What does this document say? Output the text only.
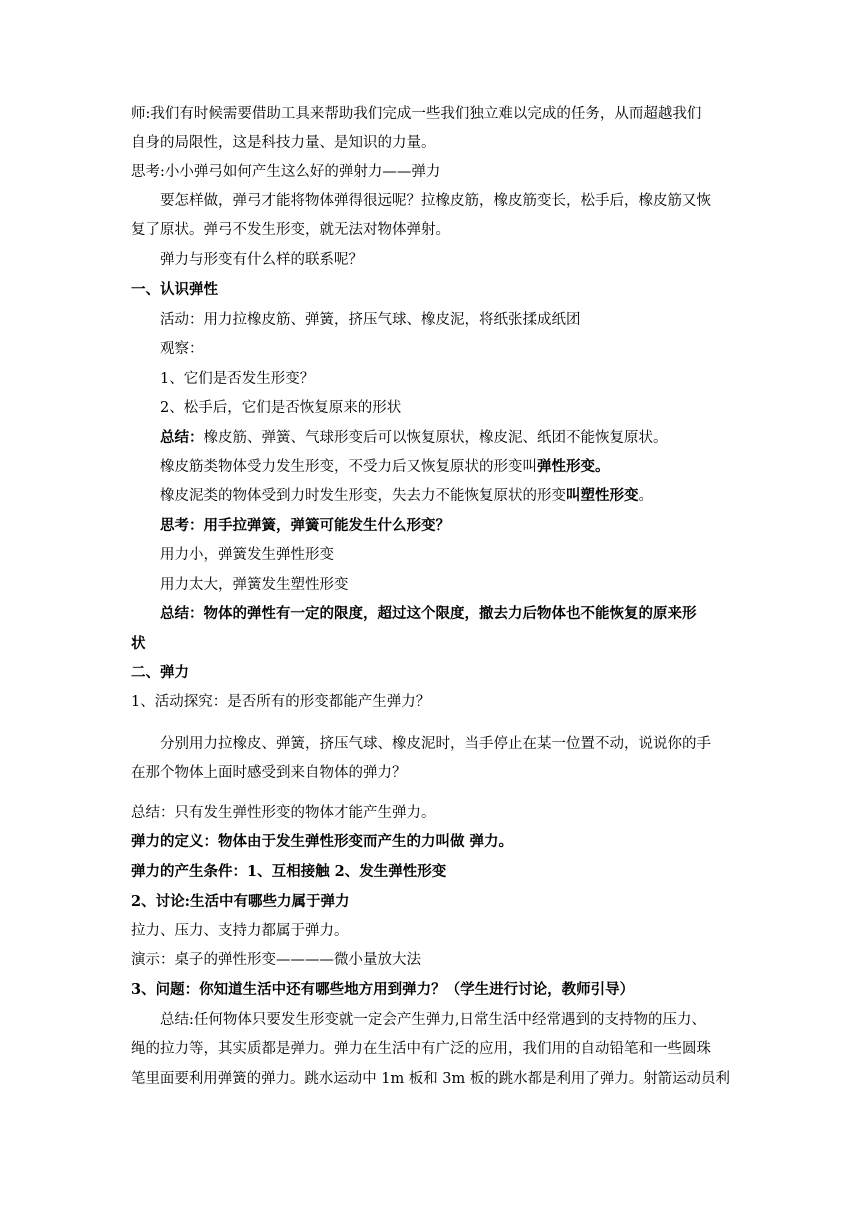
师:我们有时候需要借助工具来帮助我们完成一些我们独立难以完成的任务，从而超越我们
自身的局限性，这是科技力量、是知识的力量。
思考:小小弹弓如何产生这么好的弹射力——弹力
要怎样做，弹弓才能将物体弹得很远呢？拉橡皮筋，橡皮筋变长，松手后，橡皮筋又恢
复了原状。弹弓不发生形变，就无法对物体弹射。
弹力与形变有什么样的联系呢？
一、认识弹性
活动：用力拉橡皮筋、弹簧，挤压气球、橡皮泥，将纸张揉成纸团
观察：
1、它们是否发生形变？
2、松手后，它们是否恢复原来的形状
总结：橡皮筋、弹簧、气球形变后可以恢复原状，橡皮泥、纸团不能恢复原状。
橡皮筋类物体受力发生形变，不受力后又恢复原状的形变叫弹性形变。
橡皮泥类的物体受到力时发生形变，失去力不能恢复原状的形变叫塑性形变。
思考：用手拉弹簧，弹簧可能发生什么形变？
用力小，弹簧发生弹性形变
用力太大，弹簧发生塑性形变
总结：物体的弹性有一定的限度，超过这个限度，撤去力后物体也不能恢复的原来形
状
二、弹力
1、活动探究：是否所有的形变都能产生弹力？
分别用力拉橡皮、弹簧，挤压气球、橡皮泥时，当手停止在某一位置不动，说说你的手
在那个物体上面时感受到来自物体的弹力？
总结：只有发生弹性形变的物体才能产生弹力。
弹力的定义：物体由于发生弹性形变而产生的力叫做 弹力。
弹力的产生条件：1、互相接触 2、发生弹性形变
2、讨论:生活中有哪些力属于弹力
拉力、压力、支持力都属于弹力。
演示：桌子的弹性形变————微小量放大法
3、问题：你知道生活中还有哪些地方用到弹力？（学生进行讨论，教师引导）
总结:任何物体只要发生形变就一定会产生弹力,日常生活中经常遇到的支持物的压力、
绳的拉力等，其实质都是弹力。弹力在生活中有广泛的应用，我们用的自动铅笔和一些圆珠
笔里面要利用弹簧的弹力。跳水运动中 1m 板和 3m 板的跳水都是利用了弹力。射箭运动员利
